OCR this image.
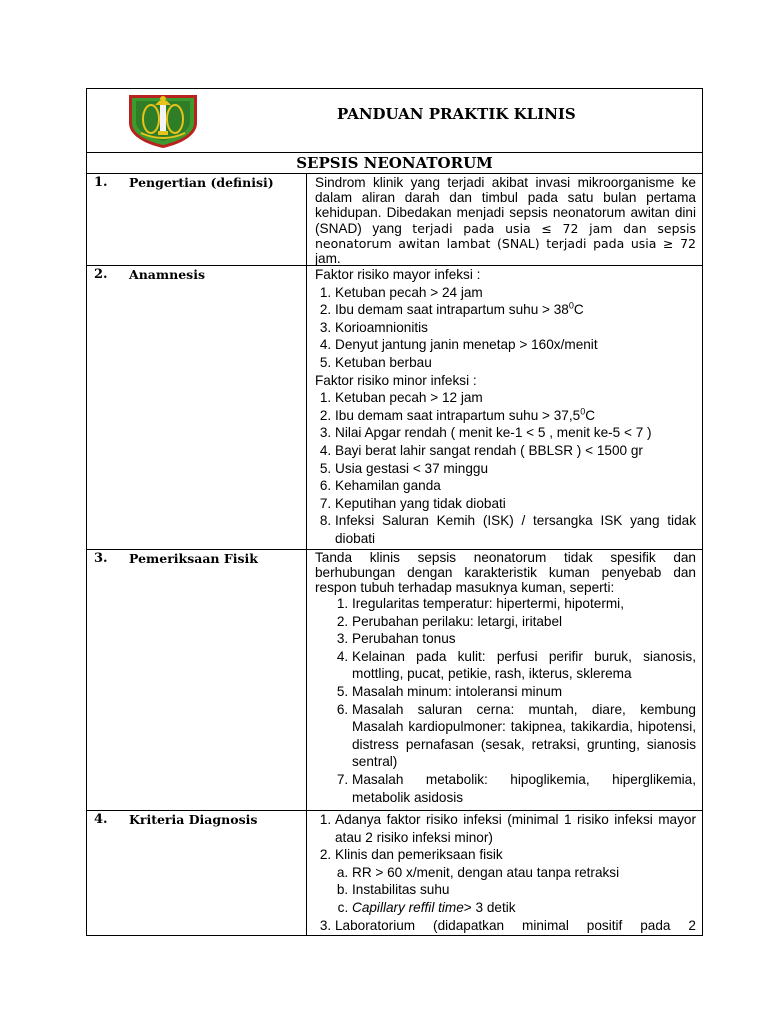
PANDUAN PRAKTIK KLINIS
SEPSIS NEONATORUM
1. Pengertian (definisi)	Sindrom klinik yang terjadi akibat invasi mikroorganisme ke dalam aliran darah dan timbul pada satu bulan pertama kehidupan. Dibedakan menjadi sepsis neonatorum awitan dini (SNAD) yang terjadi pada usia ≤ 72 jam dan sepsis neonatorum awitan lambat (SNAL) terjadi pada usia ≥ 72 jam.
2. Anamnesis	Faktor risiko mayor infeksi :
1. Ketuban pecah > 24 jam
2. Ibu demam saat intrapartum suhu > $38^0C$
3. Korioamnionitis
4. Denyut jantung janin menetap > 160x/menit
5. Ketuban berbau
Faktor risiko minor infeksi :
1. Ketuban pecah > 12 jam
2. Ibu demam saat intrapartum suhu > $37,5^0C$
3. Nilai Apgar rendah ( menit ke-1 < 5 , menit ke-5 < 7 )
4. Bayi berat lahir sangat rendah ( BBLSR ) < 1500 gr
5. Usia gestasi < 37 minggu
6. Kehamilan ganda
7. Keputihan yang tidak diobati
8. Infeksi Saluran Kemih (ISK) / tersangka ISK yang tidak diobati
3. Pemeriksaan Fisik	Tanda klinis sepsis neonatorum tidak spesifik dan berhubungan dengan karakteristik kuman penyebab dan respon tubuh terhadap masuknya kuman, seperti:
1. Iregularitas temperatur: hipertermi, hipotermi,
2. Perubahan perilaku: letargi, iritabel
3. Perubahan tonus
4. Kelainan pada kulit: perfusi perifir buruk, sianosis, mottling, pucat, petikie, rash, ikterus, sklerema
5. Masalah minum: intoleransi minum
6. Masalah saluran cerna: muntah, diare, kembung Masalah kardiopulmoner: takipnea, takikardia, hipotensi, distress pernafasan (sesak, retraksi, grunting, sianosis sentral)
7. Masalah metabolik: hipoglikemia, hiperglikemia, metabolik asidosis
4. Kriteria Diagnosis
1.	Adanya faktor risiko infeksi (minimal 1 risiko infeksi mayor atau 2 risiko infeksi minor)
2. Klinis dan pemeriksaan fisik
a. RR > 60 x/menit, dengan atau tanpa retraksi
b. Instabilitas suhu
c. Capillary reffil time> 3 detik
3. Laboratorium (didapatkan minimal positif pada 2
